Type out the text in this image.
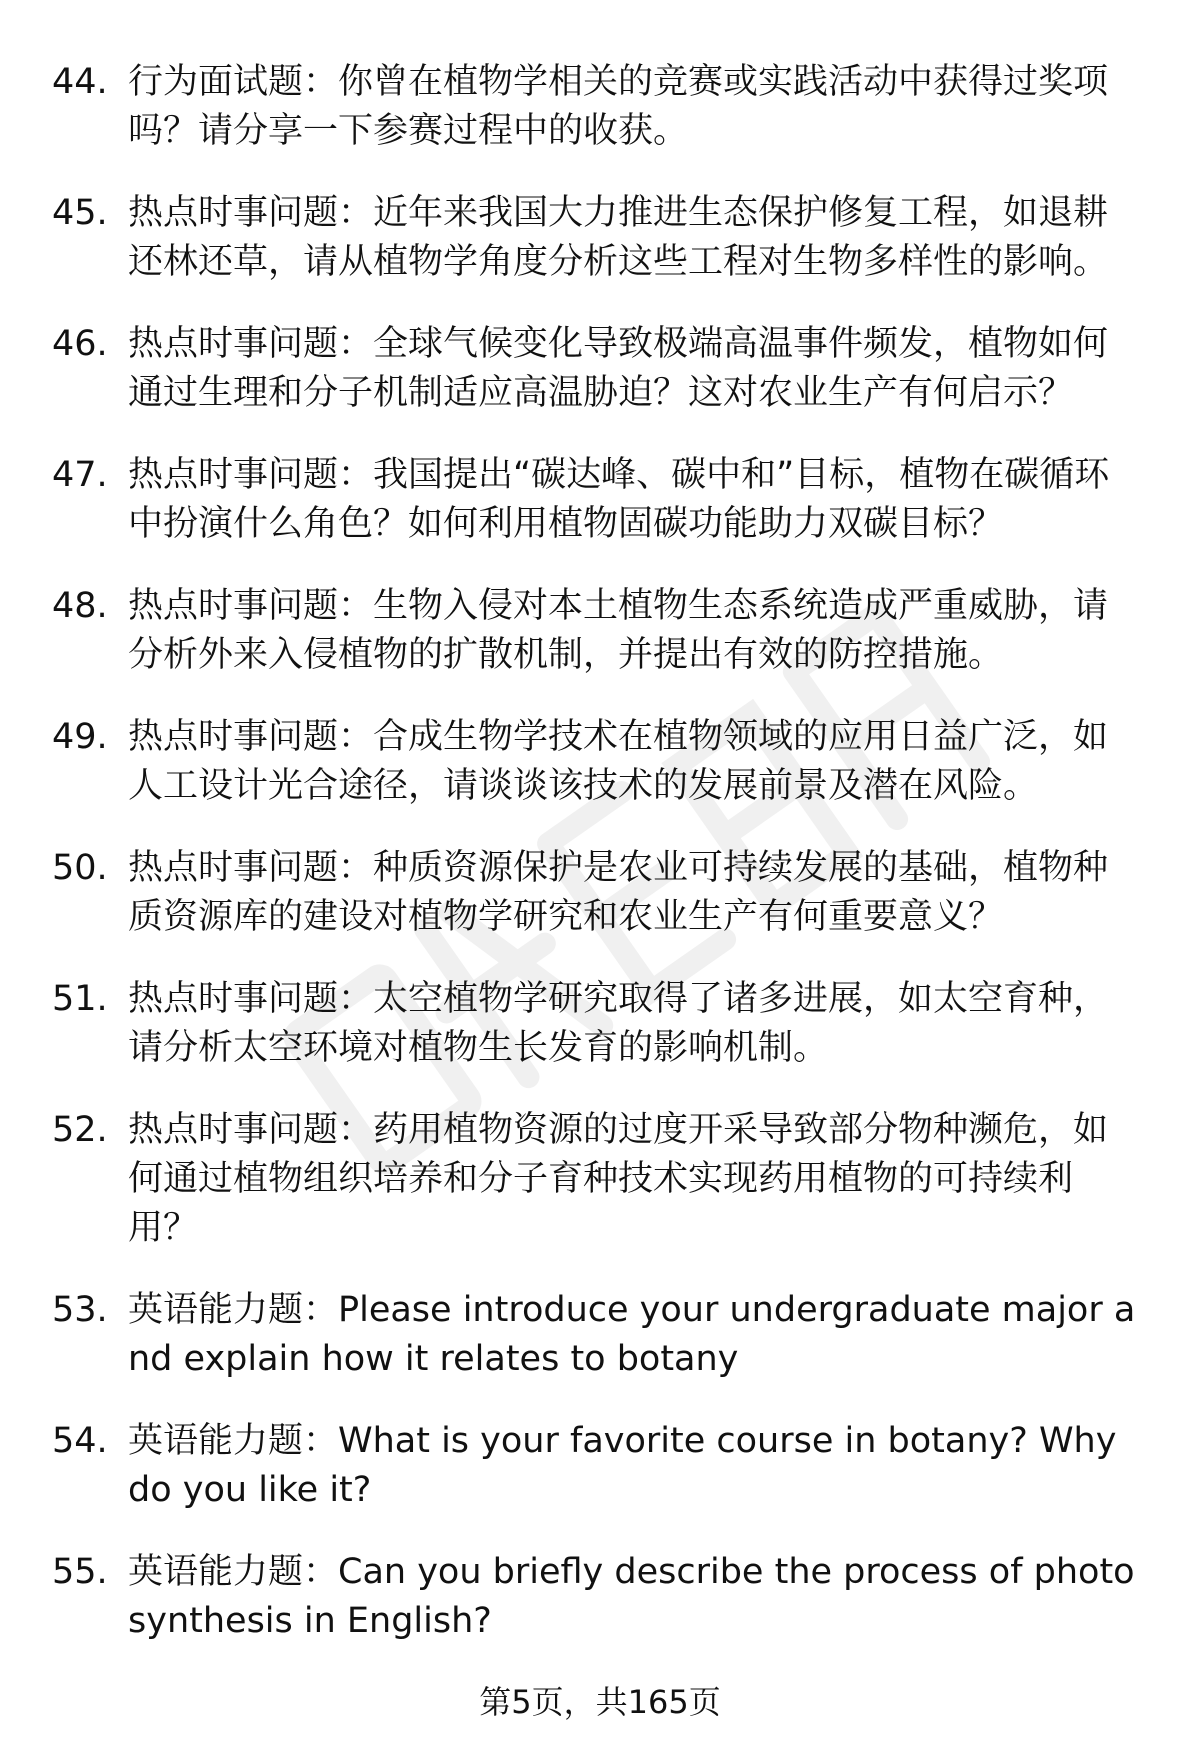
44. 行为面试题：你曾在植物学相关的竞赛或实践活动中获得过奖项吗？请分享一下参赛过程中的收获。
45. 热点时事问题：近年来我国大力推进生态保护修复工程，如退耕还林还草，请从植物学角度分析这些工程对生物多样性的影响。
46. 热点时事问题：全球气候变化导致极端高温事件频发，植物如何通过生理和分子机制适应高温胁迫？这对农业生产有何启示？
47. 热点时事问题：我国提出“碳达峰、碳中和”目标，植物在碳循环中扮演什么角色？如何利用植物固碳功能助力双碳目标？
48. 热点时事问题：生物入侵对本土植物生态系统造成严重威胁，请分析外来入侵植物的扩散机制，并提出有效的防控措施。
49. 热点时事问题：合成生物学技术在植物领域的应用日益广泛，如人工设计光合途径，请谈谈该技术的发展前景及潜在风险。
50. 热点时事问题：种质资源保护是农业可持续发展的基础，植物种质资源库的建设对植物学研究和农业生产有何重要意义？
51. 热点时事问题：太空植物学研究取得了诸多进展，如太空育种，请分析太空环境对植物生长发育的影响机制。
52. 热点时事问题：药用植物资源的过度开采导致部分物种濒危，如何通过植物组织培养和分子育种技术实现药用植物的可持续利用？
53. 英语能力题：Please introduce your undergraduate major and explain how it relates to botany
54. 英语能力题：What is your favorite course in botany? Why do you like it?
55. 英语能力题：Can you briefly describe the process of photosynthesis in English?
第5页，共165页
